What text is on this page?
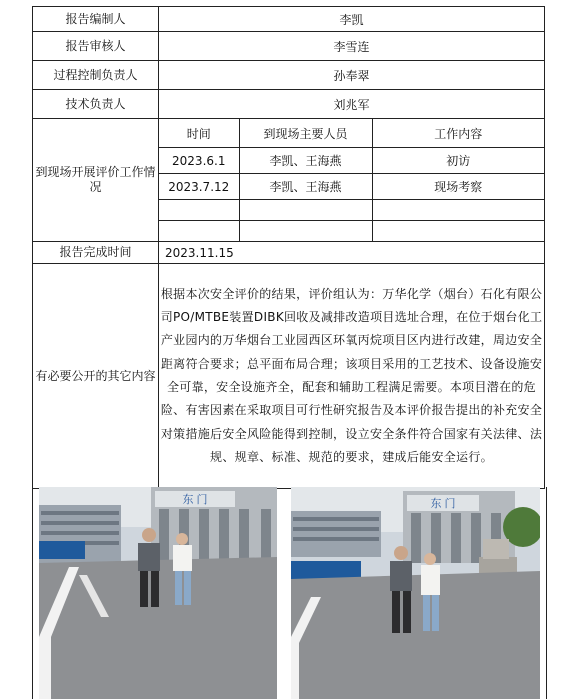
报告编制人	李凯
报告审核人	李雪连
过程控制负责人	孙奉翠
技术负责人	刘兆军
到现场开展评价工作情况	
时间	到现场主要人员	工作内容
2023.6.1	李凯、王海燕	初访
2023.7.12	李凯、王海燕	现场考察

报告完成时间	2023.11.15
有必要公开的其它内容	根据本次安全评价的结果，评价组认为：万华化学（烟台）石化有限公司PO/MTBE装置DIBK回收及减排改造项目选址合理，在位于烟台化工产业园内的万华烟台工业园西区环氧丙烷项目区内进行改建，周边安全距离符合要求；总平面布局合理；该项目采用的工艺技术、设备设施安全可靠，安全设施齐全，配套和辅助工程满足需要。本项目潜在的危险、有害因素在采取项目可行性研究报告及本评价报告提出的补充安全对策措施后安全风险能得到控制，设立安全条件符合国家有关法律、法规、规章、标准、规范的要求，建成后能安全运行。
东 门	东 门
